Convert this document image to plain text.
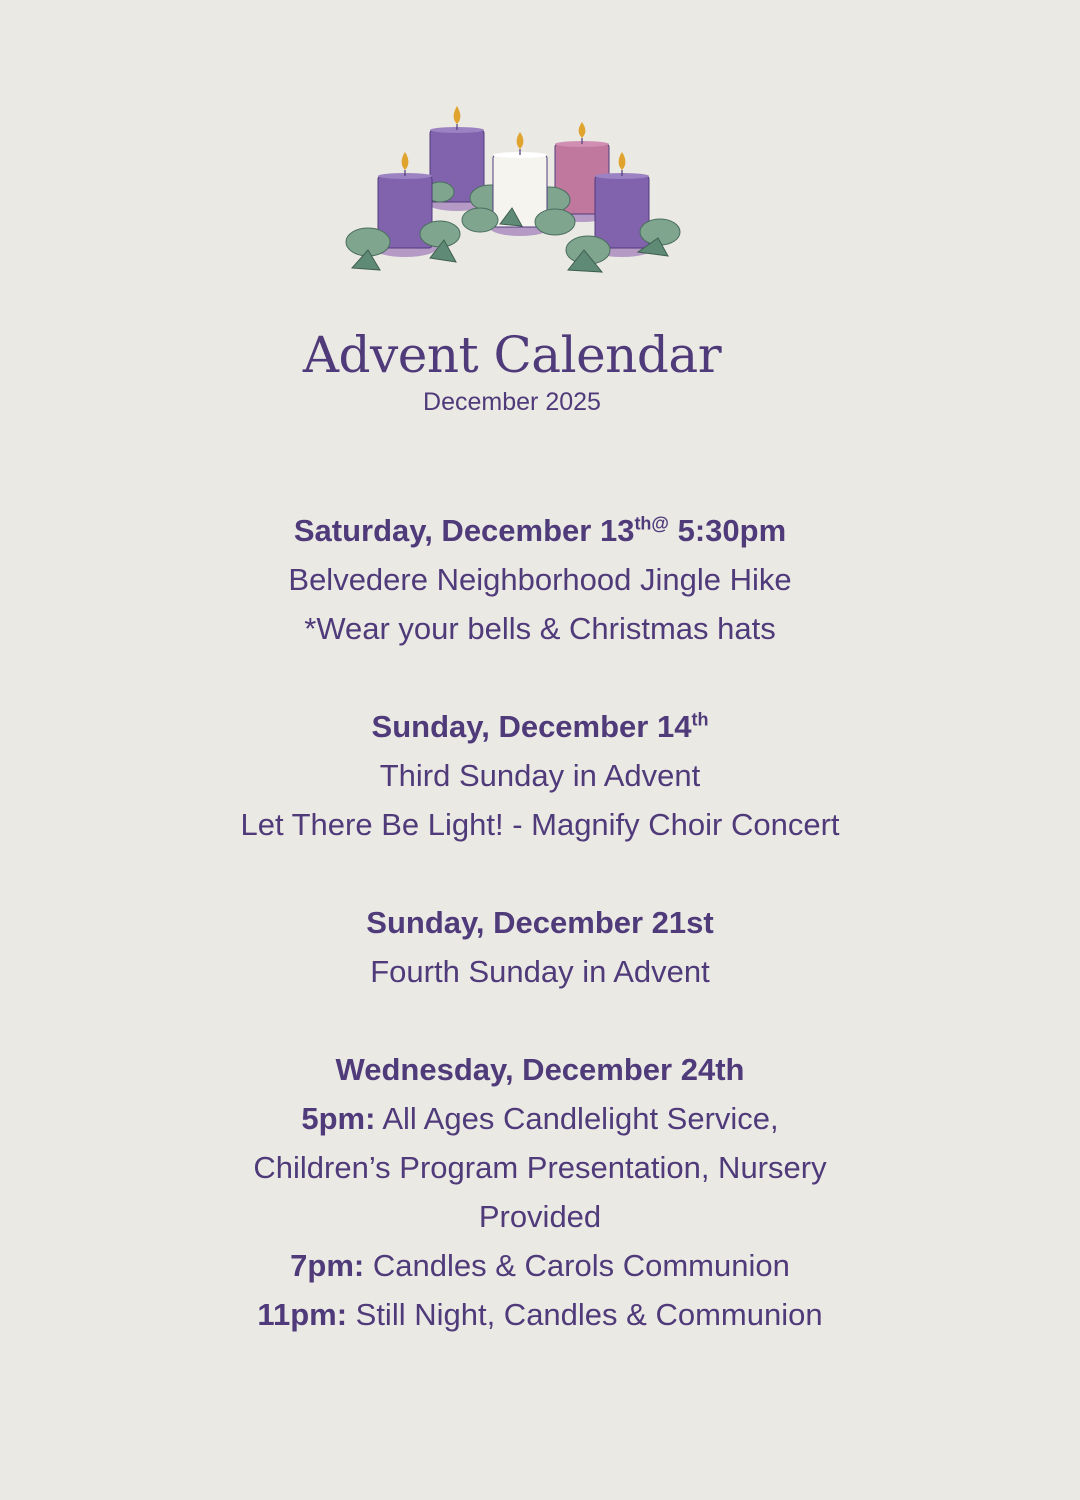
Advent Calendar
December 2025
Saturday, December $13^{th@}$ 5:30pm
Belvedere Neighborhood Jingle Hike
*Wear your bells & Christmas hats
Sunday, December 14th
Third Sunday in Advent
Let There Be Light! - Magnify Choir Concert
Sunday, December 21st
Fourth Sunday in Advent
Wednesday, December 24th
5pm: All Ages Candlelight Service,
Children’s Program Presentation, Nursery
Provided
7pm: Candles & Carols Communion
11pm: Still Night, Candles & Communion
